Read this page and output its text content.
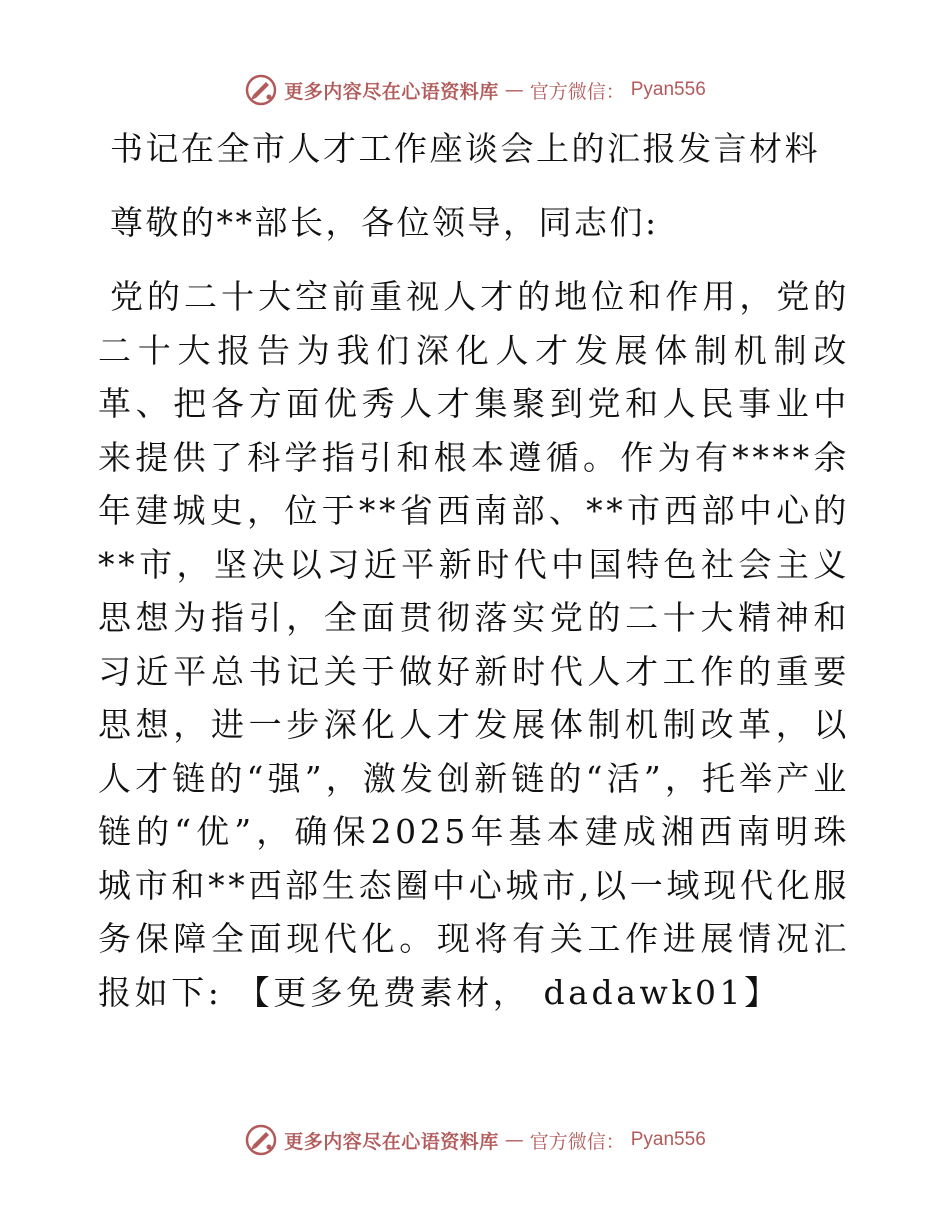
更多内容尽在心语资料库 — 官方微信： Pyan556
书记在全市人才工作座谈会上的汇报发言材料
尊敬的**部长，各位领导，同志们:
党的二十大空前重视人才的地位和作用，党的二十大报告为我们深化人才发展体制机制改革、把各方面优秀人才集聚到党和人民事业中来提供了科学指引和根本遵循。作为有****余年建城史，位于**省西南部、**市西部中心的**市，坚决以习近平新时代中国特色社会主义思想为指引，全面贯彻落实党的二十大精神和习近平总书记关于做好新时代人才工作的重要思想，进一步深化人才发展体制机制改革，以人才链的“强”，激发创新链的“活”，托举产业链的“优”，确保2025年基本建成湘西南明珠城市和**西部生态圈中心城市,以一域现代化服务保障全面现代化。现将有关工作进展情况汇报如下: 【更多免费素材， dadawk01】
更多内容尽在心语资料库 — 官方微信： Pyan556
